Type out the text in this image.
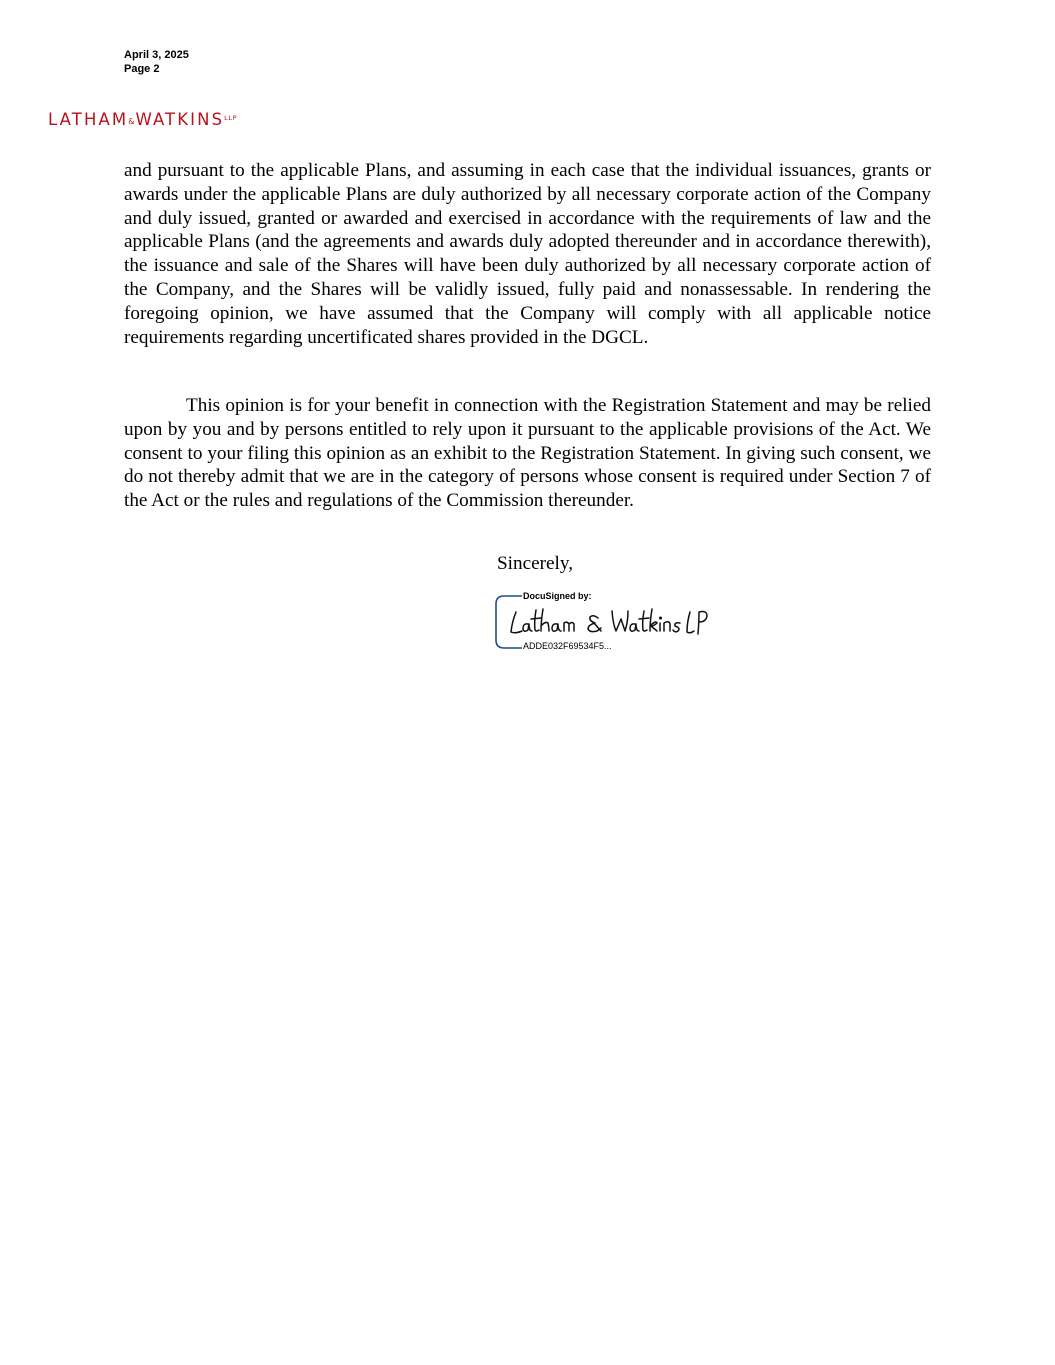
April 3, 2025
Page 2
$LATHAM\&WATKINS^{LLP}$
and pursuant to the applicable Plans, and assuming in each case that the individual issuances, grants or awards under the applicable Plans are duly authorized by all necessary corporate action of the Company and duly issued, granted or awarded and exercised in accordance with the requirements of law and the applicable Plans (and the agreements and awards duly adopted thereunder and in accordance therewith), the issuance and sale of the Shares will have been duly authorized by all necessary corporate action of the Company, and the Shares will be validly issued, fully paid and nonassessable. In rendering the foregoing opinion, we have assumed that the Company will comply with all applicable notice requirements regarding uncertificated shares provided in the DGCL.
This opinion is for your benefit in connection with the Registration Statement and may be relied upon by you and by persons entitled to rely upon it pursuant to the applicable provisions of the Act. We consent to your filing this opinion as an exhibit to the Registration Statement. In giving such consent, we do not thereby admit that we are in the category of persons whose consent is required under Section 7 of the Act or the rules and regulations of the Commission thereunder.
Sincerely,
DocuSigned by:
ADDE032F69534F5...
